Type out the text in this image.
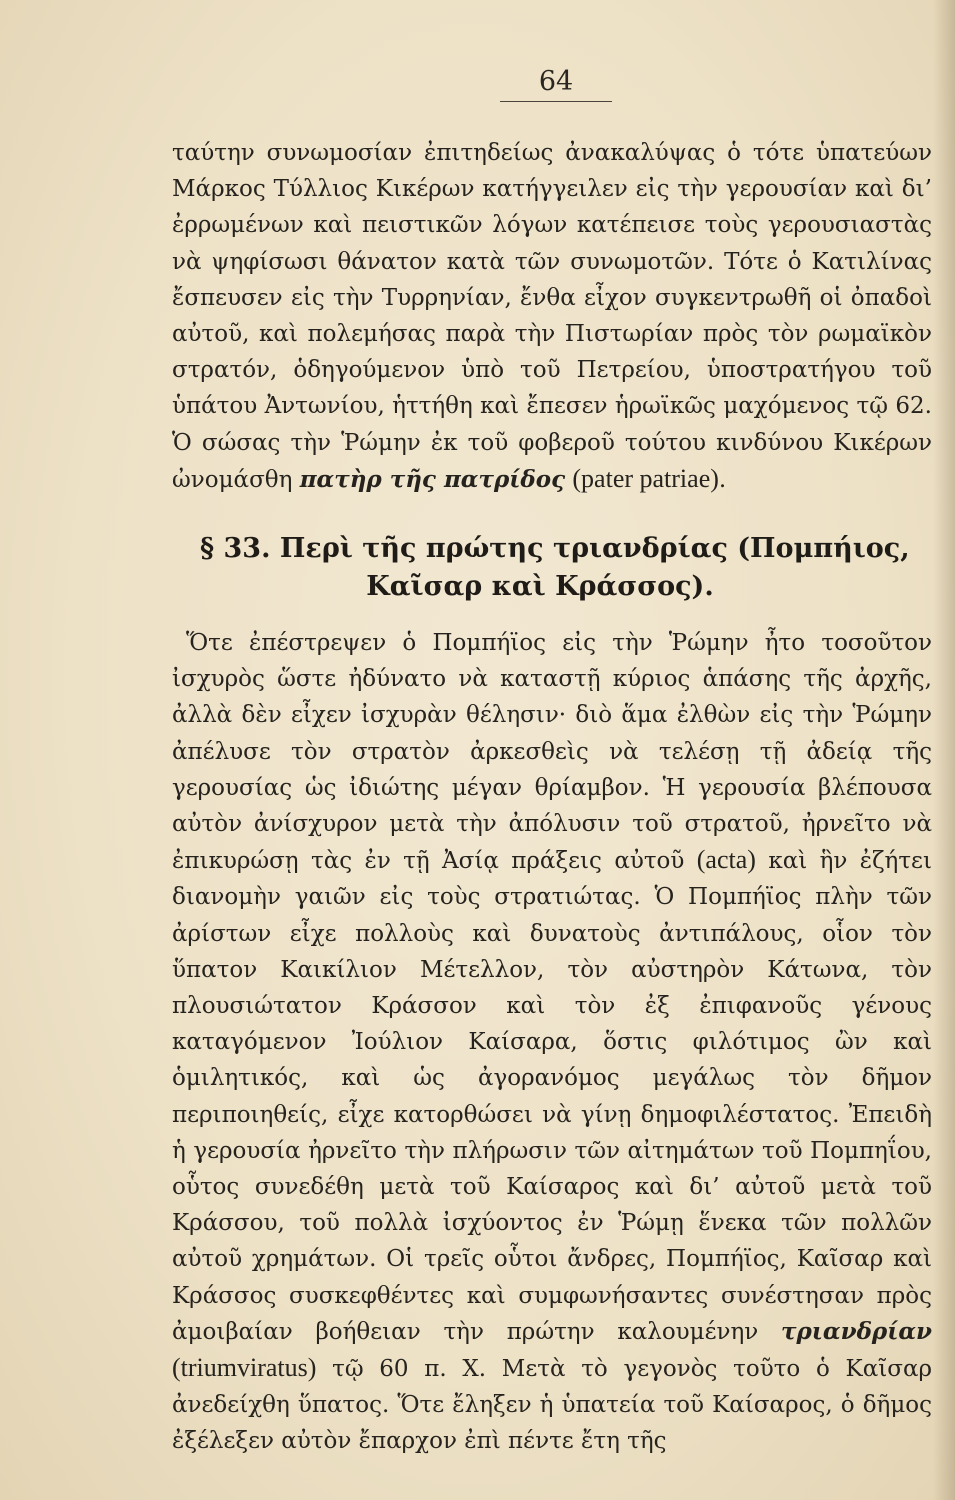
64

ταύτην συνωμοσίαν ἐπιτηδείως ἀνακαλύψας ὁ τότε ὑπατεύων Μάρκος Τύλλιος Κικέρων κατήγγειλεν εἰς τὴν γερουσίαν καὶ δι’ ἐρρωμένων καὶ πειστικῶν λόγων κατέπεισε τοὺς γερουσιαστὰς νὰ ψηφίσωσι θάνατον κατὰ τῶν συνωμοτῶν. Τότε ὁ Κατιλίνας ἔσπευσεν εἰς τὴν Τυρρηνίαν, ἔνθα εἶχον συγκεντρωθῆ οἱ ὀπαδοὶ αὐτοῦ, καὶ πολεμήσας παρὰ τὴν Πιστωρίαν πρὸς τὸν ρωμαϊκὸν στρατόν, ὁδηγούμενον ὑπὸ τοῦ Πετρείου, ὑποστρατήγου τοῦ ὑπάτου Ἀντωνίου, ἡττήθη καὶ ἔπεσεν ἡρωϊκῶς μαχόμενος τῷ 62. Ὁ σώσας τὴν Ῥώμην ἐκ τοῦ φοβεροῦ τούτου κινδύνου Κικέρων ὠνομάσθη πατὴρ τῆς πατρίδος (pater patriae).

§ 33. Περὶ τῆς πρώτης τριανδρίας (Πομπήιος,
Καῖσαρ καὶ Κράσσος).

Ὅτε ἐπέστρεψεν ὁ Πομπήϊος εἰς τὴν Ῥώμην ἦτο τοσοῦτον ἰσχυρὸς ὥστε ἠδύνατο νὰ καταστῇ κύριος ἁπάσης τῆς ἀρχῆς, ἀλλὰ δὲν εἶχεν ἰσχυρὰν θέλησιν· διὸ ἅμα ἐλθὼν εἰς τὴν Ῥώμην ἀπέλυσε τὸν στρατὸν ἀρκεσθεὶς νὰ τελέσῃ τῇ ἀδείᾳ τῆς γερουσίας ὡς ἰδιώτης μέγαν θρίαμβον. Ἡ γερουσία βλέπουσα αὐτὸν ἀνίσχυρον μετὰ τὴν ἀπόλυσιν τοῦ στρατοῦ, ἠρνεῖτο νὰ ἐπικυρώσῃ τὰς ἐν τῇ Ἀσίᾳ πράξεις αὐτοῦ (acta) καὶ ἣν ἐζήτει διανομὴν γαιῶν εἰς τοὺς στρατιώτας. Ὁ Πομπήϊος πλὴν τῶν ἀρίστων εἶχε πολλοὺς καὶ δυνατοὺς ἀντιπάλους, οἷον τὸν ὕπατον Καικίλιον Μέτελλον, τὸν αὐστηρὸν Κάτωνα, τὸν πλουσιώτατον Κράσσον καὶ τὸν ἐξ ἐπιφανοῦς γένους καταγόμενον Ἰούλιον Καίσαρα, ὅστις φιλότιμος ὢν καὶ ὁμιλητικός, καὶ ὡς ἀγορανόμος μεγάλως τὸν δῆμον περιποιηθείς, εἶχε κατορθώσει νὰ γίνῃ δημοφιλέστατος. Ἐπειδὴ ἡ γερουσία ἠρνεῖτο τὴν πλήρωσιν τῶν αἰτημάτων τοῦ Πομπηΐου, οὗτος συνεδέθη μετὰ τοῦ Καίσαρος καὶ δι’ αὐτοῦ μετὰ τοῦ Κράσσου, τοῦ πολλὰ ἰσχύοντος ἐν Ῥώμῃ ἕνεκα τῶν πολλῶν αὐτοῦ χρημάτων. Οἱ τρεῖς οὗτοι ἄνδρες, Πομπήϊος, Καῖσαρ καὶ Κράσσος συσκεφθέντες καὶ συμφωνήσαντες συνέστησαν πρὸς ἀμοιβαίαν βοήθειαν τὴν πρώτην καλουμένην τριανδρίαν (triumviratus) τῷ 60 π. Χ. Μετὰ τὸ γεγονὸς τοῦτο ὁ Καῖσαρ ἀνεδείχθη ὕπατος. Ὅτε ἔληξεν ἡ ὑπατεία τοῦ Καίσαρος, ὁ δῆμος ἐξέλεξεν αὐτὸν ἔπαρχον ἐπὶ πέντε ἔτη τῆς
